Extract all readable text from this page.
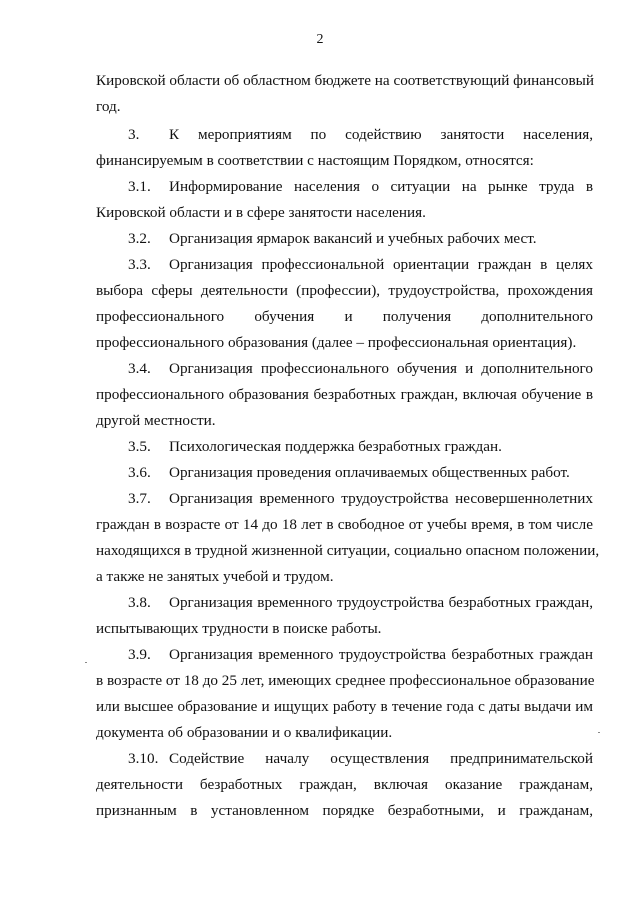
2
Кировской области об областном бюджете на соответствующий финансовый
год.
3. К мероприятиям по содействию занятости населения,
финансируемым в соответствии с настоящим Порядком, относятся:
3.1. Информирование населения о ситуации на рынке труда в
Кировской области и в сфере занятости населения.
3.2. Организация ярмарок вакансий и учебных рабочих мест.
3.3. Организация профессиональной ориентации граждан в целях
выбора сферы деятельности (профессии), трудоустройства, прохождения
профессионального обучения и получения дополнительного
профессионального образования (далее – профессиональная ориентация).
3.4. Организация профессионального обучения и дополнительного
профессионального образования безработных граждан, включая обучение в
другой местности.
3.5. Психологическая поддержка безработных граждан.
3.6. Организация проведения оплачиваемых общественных работ.
3.7. Организация временного трудоустройства несовершеннолетних
граждан в возрасте от 14 до 18 лет в свободное от учебы время, в том числе
находящихся в трудной жизненной ситуации, социально опасном положении,
а также не занятых учебой и трудом.
3.8. Организация временного трудоустройства безработных граждан,
испытывающих трудности в поиске работы.
3.9. Организация временного трудоустройства безработных граждан
в возрасте от 18 до 25 лет, имеющих среднее профессиональное образование
или высшее образование и ищущих работу в течение года с даты выдачи им
документа об образовании и о квалификации.
3.10. Содействие началу осуществления предпринимательской
деятельности безработных граждан, включая оказание гражданам,
признанным в установленном порядке безработными, и гражданам,
